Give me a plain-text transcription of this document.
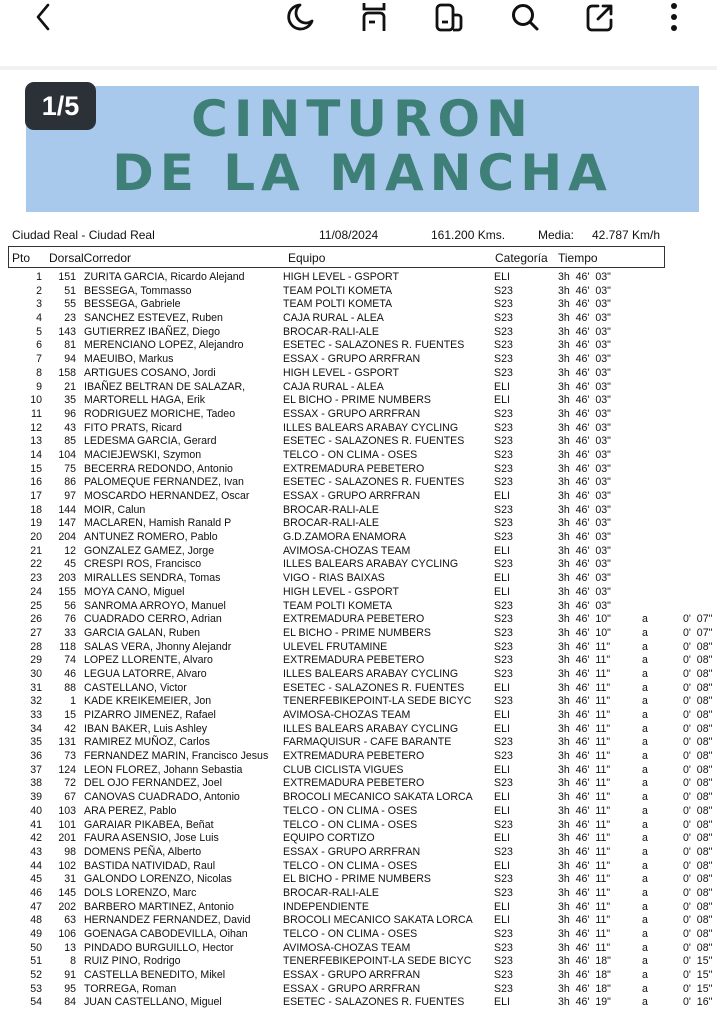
CINTURON
DE LA MANCHA
1/5
Ciudad Real - Ciudad Real	11/08/2024	161.200 Kms.	Media: 42.787 Km/h
Pto DorsalCorredor	Equipo	Categoría Tiempo
1	151 ZURITA GARCIA, Ricardo Alejand	HIGH LEVEL - GSPORT	ELI	3h  46'  03"
2	51 BESSEGA, Tommasso	TEAM POLTI KOMETA	S23	3h  46'  03"
3	55 BESSEGA, Gabriele	TEAM POLTI KOMETA	S23	3h  46'  03"
4	23 SANCHEZ ESTEVEZ, Ruben	CAJA RURAL - ALEA	S23	3h  46'  03"
5	143 GUTIERREZ IBAÑEZ, Diego	BROCAR-RALI-ALE	S23	3h  46'  03"
6	81 MERENCIANO LOPEZ, Alejandro	ESETEC - SALAZONES R. FUENTES	S23	3h  46'  03"
7	94 MAEUIBO, Markus	ESSAX - GRUPO ARRFRAN	S23	3h  46'  03"
8	158 ARTIGUES COSANO, Jordi	HIGH LEVEL - GSPORT	S23	3h  46'  03"
9	21 IBAÑEZ BELTRAN DE SALAZAR,	CAJA RURAL - ALEA	ELI	3h  46'  03"
10	35 MARTORELL HAGA, Erik	EL BICHO - PRIME NUMBERS	ELI	3h  46'  03"
11	96 RODRIGUEZ MORICHE, Tadeo	ESSAX - GRUPO ARRFRAN	S23	3h  46'  03"
12	43 FITO PRATS, Ricard	ILLES BALEARS ARABAY CYCLING	S23	3h  46'  03"
13	85 LEDESMA GARCIA, Gerard	ESETEC - SALAZONES R. FUENTES	S23	3h  46'  03"
14	104 MACIEJEWSKI, Szymon	TELCO - ON CLIMA - OSES	S23	3h  46'  03"
15	75 BECERRA REDONDO, Antonio	EXTREMADURA PEBETERO	S23	3h  46'  03"
16	86 PALOMEQUE FERNANDEZ, Ivan	ESETEC - SALAZONES R. FUENTES	S23	3h  46'  03"
17	97 MOSCARDO HERNANDEZ, Oscar	ESSAX - GRUPO ARRFRAN	ELI	3h  46'  03"
18	144 MOIR, Calun	BROCAR-RALI-ALE	S23	3h  46'  03"
19	147 MACLAREN, Hamish Ranald P	BROCAR-RALI-ALE	S23	3h  46'  03"
20	204 ANTUNEZ ROMERO, Pablo	G.D.ZAMORA ENAMORA	S23	3h  46'  03"
21	12 GONZALEZ GAMEZ, Jorge	AVIMOSA-CHOZAS TEAM	ELI	3h  46'  03"
22	45 CRESPI ROS, Francisco	ILLES BALEARS ARABAY CYCLING	S23	3h  46'  03"
23	203 MIRALLES SENDRA, Tomas	VIGO - RIAS BAIXAS	ELI	3h  46'  03"
24	155 MOYA CANO, Miguel	HIGH LEVEL - GSPORT	ELI	3h  46'  03"
25	56 SANROMA ARROYO, Manuel	TEAM POLTI KOMETA	S23	3h  46'  03"
26	76 CUADRADO CERRO, Adrian	EXTREMADURA PEBETERO	S23	3h  46'  10"	a	0'  07"
27	33 GARCIA GALAN, Ruben	EL BICHO - PRIME NUMBERS	S23	3h  46'  10"	a	0'  07"
28	118 SALAS VERA, Jhonny Alejandr	ULEVEL FRUTAMINE	S23	3h  46'  11"	a	0'  08"
29	74 LOPEZ LLORENTE, Alvaro	EXTREMADURA PEBETERO	S23	3h  46'  11"	a	0'  08"
30	46 LEGUA LATORRE, Alvaro	ILLES BALEARS ARABAY CYCLING	S23	3h  46'  11"	a	0'  08"
31	88 CASTELLANO, Victor	ESETEC - SALAZONES R. FUENTES	ELI	3h  46'  11"	a	0'  08"
32	1 KADE KREIKEMEIER, Jon	TENERFEBIKEPOINT-LA SEDE BICYC S23	3h  46'  11"	a	0'  08"
33	15 PIZARRO JIMENEZ, Rafael	AVIMOSA-CHOZAS TEAM	ELI	3h  46'  11"	a	0'  08"
34	42 IBAN BAKER, Luis Ashley	ILLES BALEARS ARABAY CYCLING	ELI	3h  46'  11"	a	0'  08"
35	131 RAMIREZ MUÑOZ, Carlos	FARMAQUISUR - CAFE BARANTE	S23	3h  46'  11"	a	0'  08"
36	73 FERNANDEZ MARIN, Francisco Jesus EXTREMADURA PEBETERO	S23	3h  46'  11"	a	0'  08"
37	124 LEON FLOREZ, Johann Sebastia	CLUB CICLISTA VIGUES	ELI	3h  46'  11"	a	0'  08"
38	72 DEL OJO FERNANDEZ, Joel	EXTREMADURA PEBETERO	S23	3h  46'  11"	a	0'  08"
39	67 CANOVAS CUADRADO, Antonio	BROCOLI MECANICO SAKATA LORCA ELI	3h  46'  11"	a	0'  08"
40	103 ARA PEREZ, Pablo	TELCO - ON CLIMA - OSES	ELI	3h  46'  11"	a	0'  08"
41	101 GARAIAR PIKABEA, Beñat	TELCO - ON CLIMA - OSES	S23	3h  46'  11"	a	0'  08"
42	201 FAURA ASENSIO, Jose Luis	EQUIPO CORTIZO	ELI	3h  46'  11"	a	0'  08"
43	98 DOMENS PEÑA, Alberto	ESSAX - GRUPO ARRFRAN	S23	3h  46'  11"	a	0'  08"
44	102 BASTIDA NATIVIDAD, Raul	TELCO - ON CLIMA - OSES	ELI	3h  46'  11"	a	0'  08"
45	31 GALONDO LORENZO, Nicolas	EL BICHO - PRIME NUMBERS	S23	3h  46'  11"	a	0'  08"
46	145 DOLS LORENZO, Marc	BROCAR-RALI-ALE	S23	3h  46'  11"	a	0'  08"
47	202 BARBERO MARTINEZ, Antonio	INDEPENDIENTE	ELI	3h  46'  11"	a	0'  08"
48	63 HERNANDEZ FERNANDEZ, David	BROCOLI MECANICO SAKATA LORCA ELI	3h  46'  11"	a	0'  08"
49	106 GOENAGA CABODEVILLA, Oihan	TELCO - ON CLIMA - OSES	S23	3h  46'  11"	a	0'  08"
50	13 PINDADO BURGUILLO, Hector	AVIMOSA-CHOZAS TEAM	S23	3h  46'  11"	a	0'  08"
51	8 RUIZ PINO, Rodrigo	TENERFEBIKEPOINT-LA SEDE BICYC S23	3h  46'  18"	a	0'  15"
52	91 CASTELLA BENEDITO, Mikel	ESSAX - GRUPO ARRFRAN	S23	3h  46'  18"	a	0'  15"
53	95 TORREGA, Roman	ESSAX - GRUPO ARRFRAN	S23	3h  46'  18"	a	0'  15"
54	84 JUAN CASTELLANO, Miguel	ESETEC - SALAZONES R. FUENTES	ELI	3h  46'  19"	a	0'  16"
